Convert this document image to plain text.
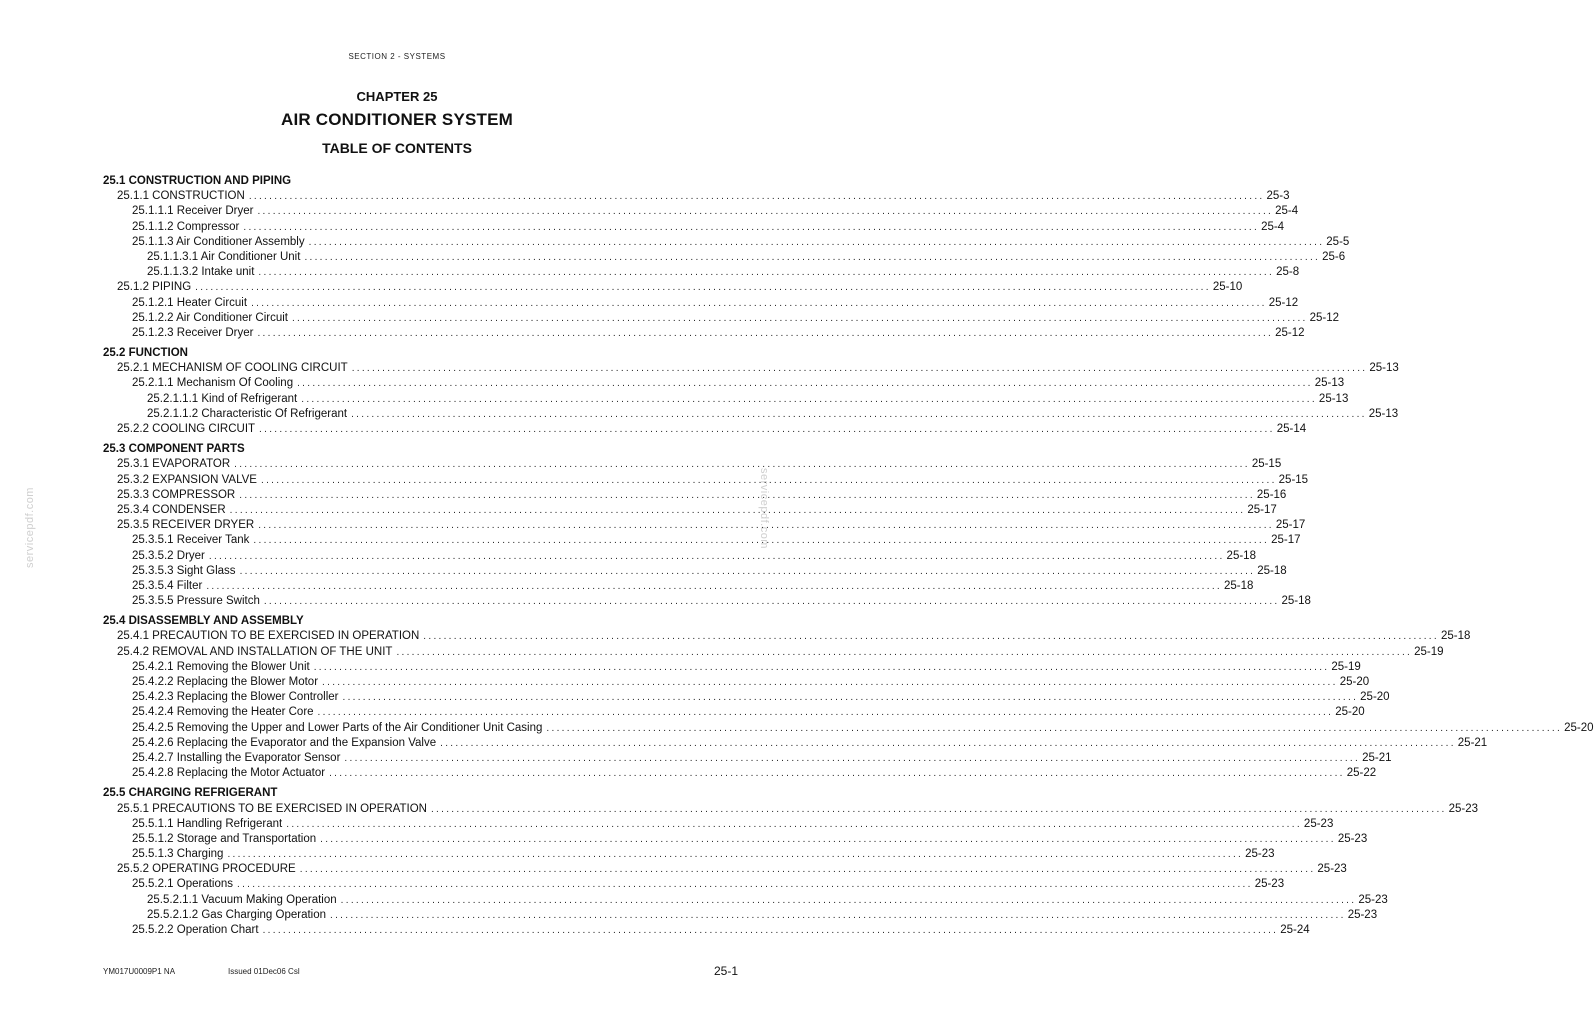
SECTION 2 - SYSTEMS
CHAPTER 25
AIR CONDITIONER SYSTEM
TABLE OF CONTENTS
servicepdf.com	servicepdf.com
25.1 CONSTRUCTION AND PIPING
25.1.1 CONSTRUCTION ........................................................................................................................................................................................................ 25-3
25.1.1.1 Receiver Dryer ........................................................................................................................................................................................................ 25-4
25.1.1.2 Compressor ........................................................................................................................................................................................................ 25-4
25.1.1.3 Air Conditioner Assembly ........................................................................................................................................................................................................ 25-5
25.1.1.3.1 Air Conditioner Unit ........................................................................................................................................................................................................ 25-6
25.1.1.3.2 Intake unit ........................................................................................................................................................................................................ 25-8
25.1.2 PIPING ........................................................................................................................................................................................................ 25-10
25.1.2.1 Heater Circuit ........................................................................................................................................................................................................ 25-12
25.1.2.2 Air Conditioner Circuit ........................................................................................................................................................................................................ 25-12
25.1.2.3 Receiver Dryer ........................................................................................................................................................................................................ 25-12
25.2 FUNCTION
25.2.1 MECHANISM OF COOLING CIRCUIT ........................................................................................................................................................................................................ 25-13
25.2.1.1 Mechanism Of Cooling ........................................................................................................................................................................................................ 25-13
25.2.1.1.1 Kind of Refrigerant ........................................................................................................................................................................................................ 25-13
25.2.1.1.2 Characteristic Of Refrigerant ........................................................................................................................................................................................................ 25-13
25.2.2 COOLING CIRCUIT ........................................................................................................................................................................................................ 25-14
25.3 COMPONENT PARTS
25.3.1 EVAPORATOR ........................................................................................................................................................................................................ 25-15
25.3.2 EXPANSION VALVE ........................................................................................................................................................................................................ 25-15
25.3.3 COMPRESSOR ........................................................................................................................................................................................................ 25-16
25.3.4 CONDENSER ........................................................................................................................................................................................................ 25-17
25.3.5 RECEIVER DRYER ........................................................................................................................................................................................................ 25-17
25.3.5.1 Receiver Tank ........................................................................................................................................................................................................ 25-17
25.3.5.2 Dryer ........................................................................................................................................................................................................ 25-18
25.3.5.3 Sight Glass ........................................................................................................................................................................................................ 25-18
25.3.5.4 Filter ........................................................................................................................................................................................................ 25-18
25.3.5.5 Pressure Switch ........................................................................................................................................................................................................ 25-18
25.4 DISASSEMBLY AND ASSEMBLY
25.4.1 PRECAUTION TO BE EXERCISED IN OPERATION ........................................................................................................................................................................................................ 25-18
25.4.2 REMOVAL AND INSTALLATION OF THE UNIT ........................................................................................................................................................................................................ 25-19
25.4.2.1 Removing the Blower Unit ........................................................................................................................................................................................................ 25-19
25.4.2.2 Replacing the Blower Motor ........................................................................................................................................................................................................ 25-20
25.4.2.3 Replacing the Blower Controller ........................................................................................................................................................................................................ 25-20
25.4.2.4 Removing the Heater Core ........................................................................................................................................................................................................ 25-20
25.4.2.5 Removing the Upper and Lower Parts of the Air Conditioner Unit Casing ........................................................................................................................................................................................................ 25-20
25.4.2.6 Replacing the Evaporator and the Expansion Valve ........................................................................................................................................................................................................ 25-21
25.4.2.7 Installing the Evaporator Sensor ........................................................................................................................................................................................................ 25-21
25.4.2.8 Replacing the Motor Actuator ........................................................................................................................................................................................................ 25-22
25.5 CHARGING REFRIGERANT
25.5.1 PRECAUTIONS TO BE EXERCISED IN OPERATION ........................................................................................................................................................................................................ 25-23
25.5.1.1 Handling Refrigerant ........................................................................................................................................................................................................ 25-23
25.5.1.2 Storage and Transportation ........................................................................................................................................................................................................ 25-23
25.5.1.3 Charging ........................................................................................................................................................................................................ 25-23
25.5.2 OPERATING PROCEDURE ........................................................................................................................................................................................................ 25-23
25.5.2.1 Operations ........................................................................................................................................................................................................ 25-23
25.5.2.1.1 Vacuum Making Operation ........................................................................................................................................................................................................ 25-23
25.5.2.1.2 Gas Charging Operation ........................................................................................................................................................................................................ 25-23
25.5.2.2 Operation Chart ........................................................................................................................................................................................................ 25-24
YM017U0009P1 NA	Issued 01Dec06 Csl	25-1
